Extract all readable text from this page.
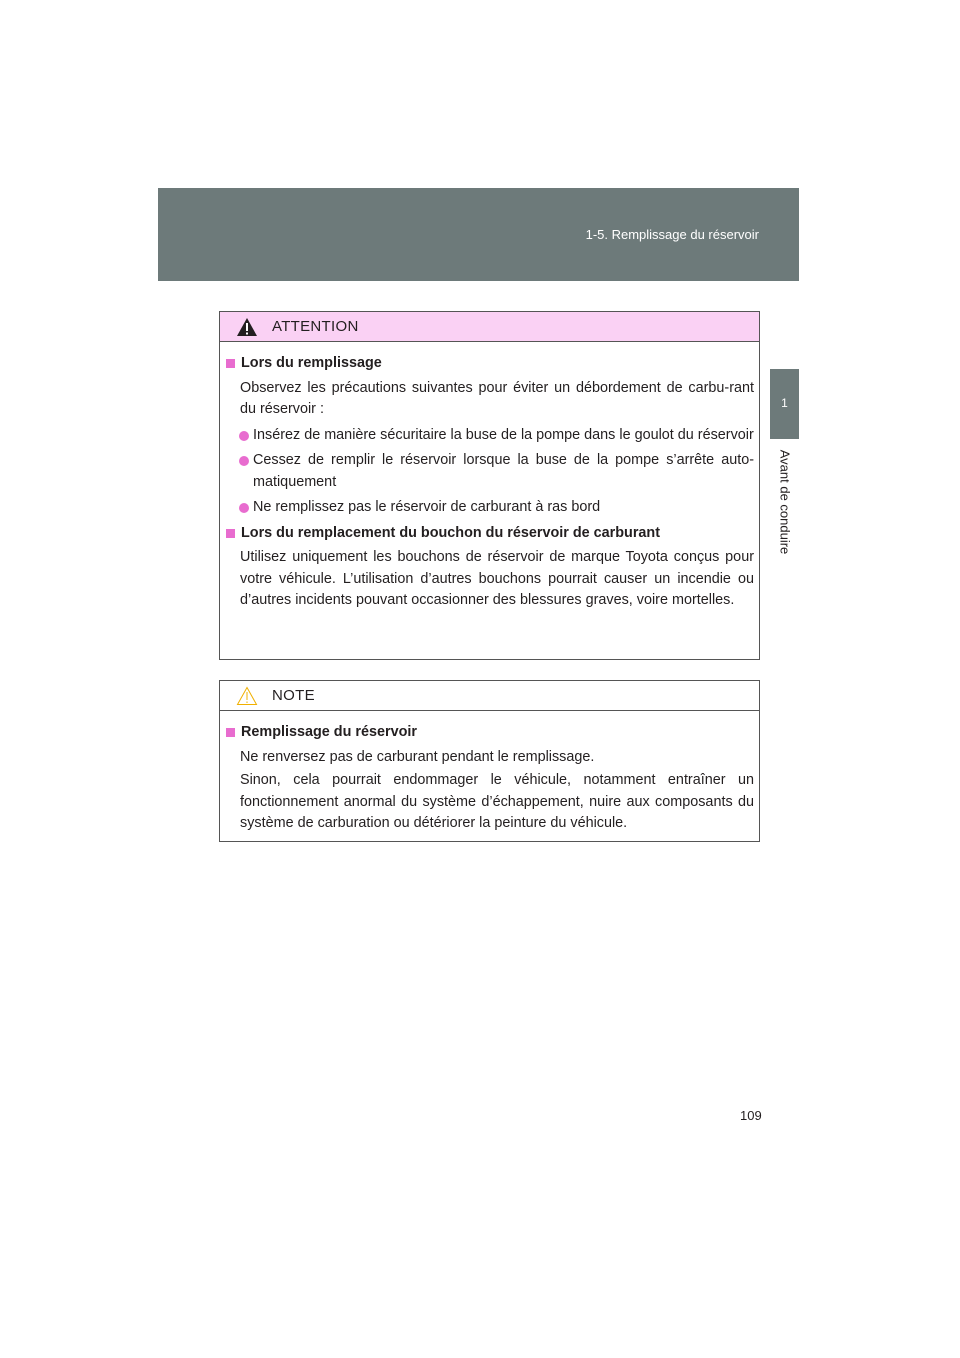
1-5. Remplissage du réservoir
1
Avant de conduire
ATTENTION
Lors du remplissage

Observez les précautions suivantes pour éviter un débordement de carbu-rant du réservoir :

Insérez de manière sécuritaire la buse de la pompe dans le goulot du réservoir
Cessez de remplir le réservoir lorsque la buse de la pompe s’arrête auto-matiquement
Ne remplissez pas le réservoir de carburant à ras bord
Lors du remplacement du bouchon du réservoir de carburant

Utilisez uniquement les bouchons de réservoir de marque Toyota conçus pour votre véhicule. L’utilisation d’autres bouchons pourrait causer un incendie ou d’autres incidents pouvant occasionner des blessures graves, voire mortelles.

NOTE
Remplissage du réservoir

Ne renversez pas de carburant pendant le remplissage.

Sinon, cela pourrait endommager le véhicule, notamment entraîner un fonctionnement anormal du système d’échappement, nuire aux composants du système de carburation ou détériorer la peinture du véhicule.

109
